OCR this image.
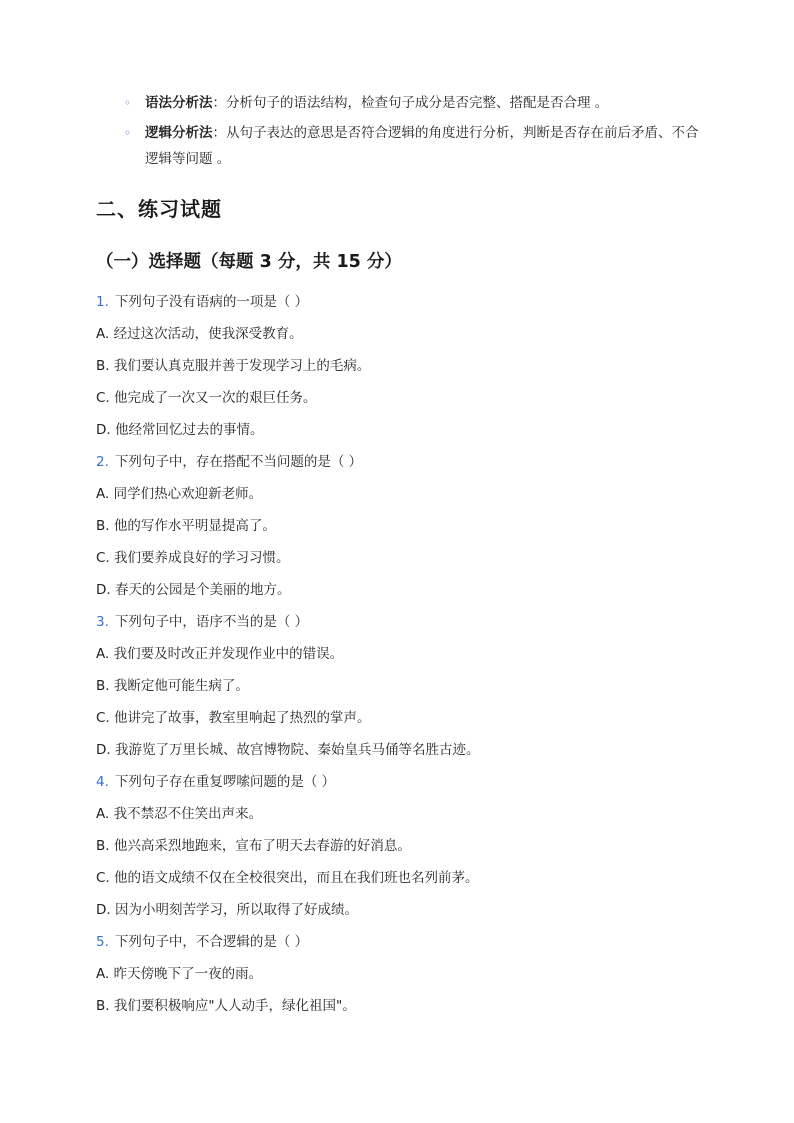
◦ 语法分析法：分析句子的语法结构，检查句子成分是否完整、搭配是否合理 。
◦ 逻辑分析法：从句子表达的意思是否符合逻辑的角度进行分析，判断是否存在前后矛盾、不合逻辑等问题 。
二、练习试题
（一）选择题（每题 3 分，共 15 分）
1. 下列句子没有语病的一项是（ ）
A. 经过这次活动，使我深受教育。
B. 我们要认真克服并善于发现学习上的毛病。
C. 他完成了一次又一次的艰巨任务。
D. 他经常回忆过去的事情。
2. 下列句子中，存在搭配不当问题的是（ ）
A. 同学们热心欢迎新老师。
B. 他的写作水平明显提高了。
C. 我们要养成良好的学习习惯。
D. 春天的公园是个美丽的地方。
3. 下列句子中，语序不当的是（ ）
A. 我们要及时改正并发现作业中的错误。
B. 我断定他可能生病了。
C. 他讲完了故事，教室里响起了热烈的掌声。
D. 我游览了万里长城、故宫博物院、秦始皇兵马俑等名胜古迹。
4. 下列句子存在重复啰嗦问题的是（ ）
A. 我不禁忍不住笑出声来。
B. 他兴高采烈地跑来，宣布了明天去春游的好消息。
C. 他的语文成绩不仅在全校很突出，而且在我们班也名列前茅。
D. 因为小明刻苦学习，所以取得了好成绩。
5. 下列句子中，不合逻辑的是（ ）
A. 昨天傍晚下了一夜的雨。
B. 我们要积极响应"人人动手，绿化祖国"。
